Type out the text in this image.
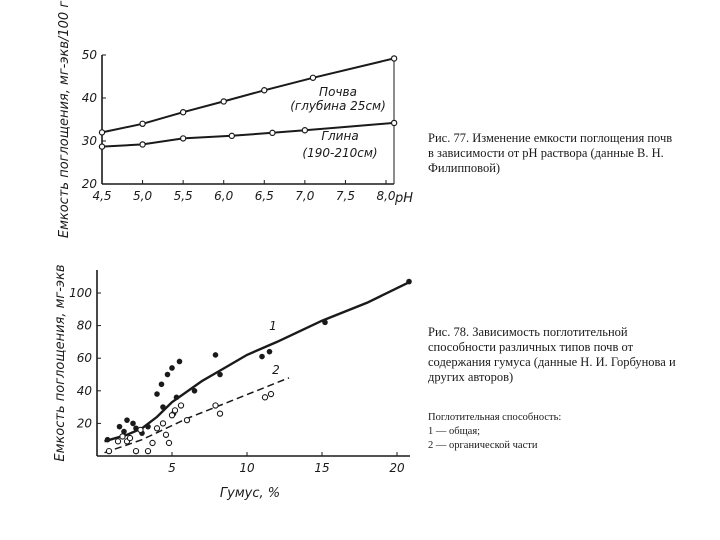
4,5 5,0 5,5 6,0 6,5 7,0 7,5 8,0
20
30
40
50
pH
Емкость поглощения, мг-экв/100 г	Почва
(глубина 25см)
Глина
(190-210см)
5	10	15	20
20
40
60
80
100
Гумус, %
Емкость поглощения, мг-экв	1
2
Рис. 77. Изменение емкости поглощения почв в зависимости от pH раствора (данные В. Н. Филипповой)
Рис. 78. Зависимость поглотительной способности различных типов почв от содержания гумуса (данные Н. И. Горбунова и других авторов)
Поглотительная способность:
1 — общая;
2 — органической части
